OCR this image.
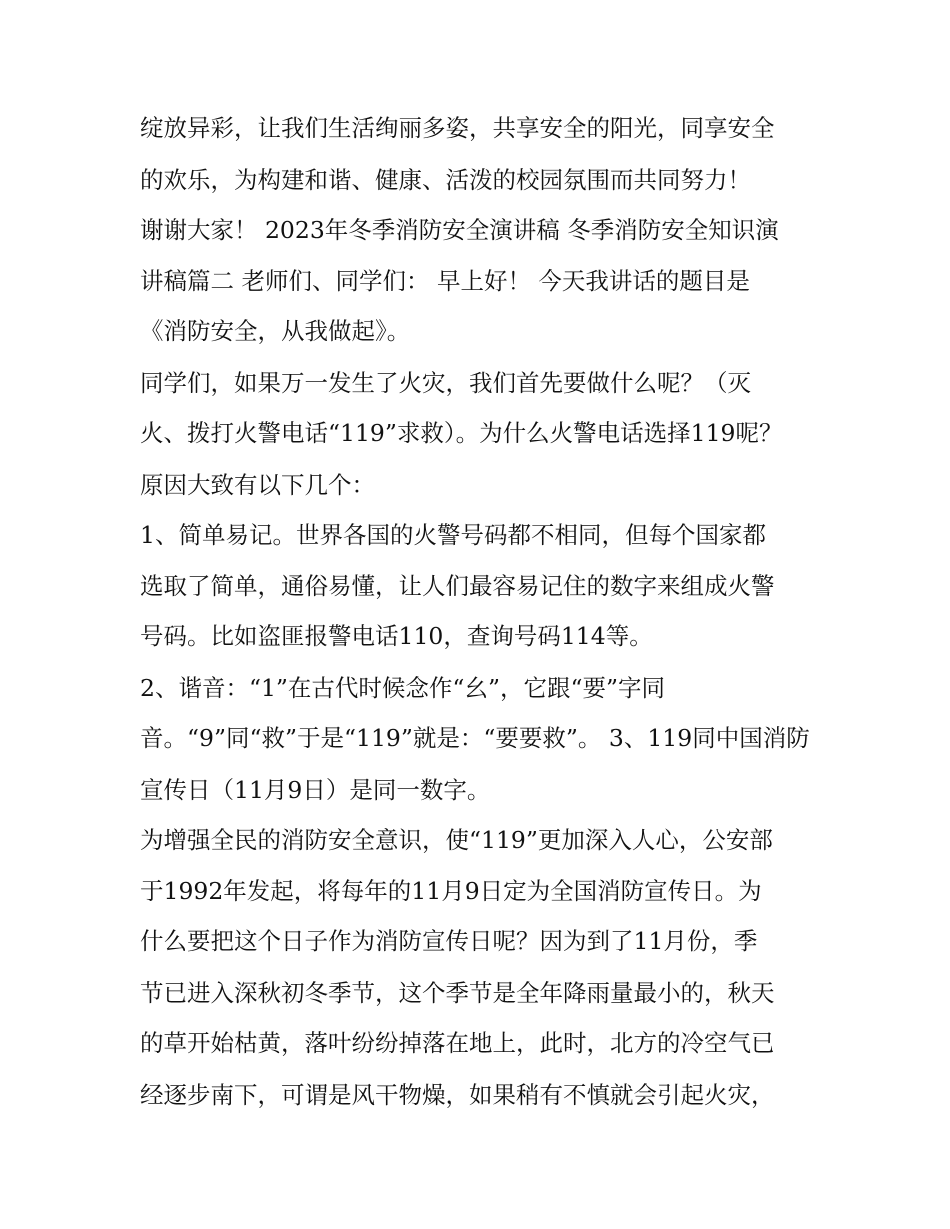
绽放异彩，让我们生活绚丽多姿，共享安全的阳光，同享安全
的欢乐，为构建和谐、健康、活泼的校园氛围而共同努力！
谢谢大家！ 2023年冬季消防安全演讲稿 冬季消防安全知识演
讲稿篇二 老师们、同学们： 早上好！ 今天我讲话的题目是
《消防安全，从我做起》。
同学们，如果万一发生了火灾，我们首先要做什么呢？（灭
火、拨打火警电话“119”求救）。为什么火警电话选择119呢？
原因大致有以下几个：
1、简单易记。世界各国的火警号码都不相同，但每个国家都
选取了简单，通俗易懂，让人们最容易记住的数字来组成火警
号码。比如盗匪报警电话110，查询号码114等。
2、谐音：“1”在古代时候念作“幺”，它跟“要”字同
音。“9”同“救”于是“119”就是：“要要救”。 3、119同中国消防
宣传日（11月9日）是同一数字。
为增强全民的消防安全意识，使“119”更加深入人心，公安部
于1992年发起，将每年的11月9日定为全国消防宣传日。为
什么要把这个日子作为消防宣传日呢？因为到了11月份，季
节已进入深秋初冬季节，这个季节是全年降雨量最小的，秋天
的草开始枯黄，落叶纷纷掉落在地上，此时，北方的冷空气已
经逐步南下，可谓是风干物燥，如果稍有不慎就会引起火灾，
